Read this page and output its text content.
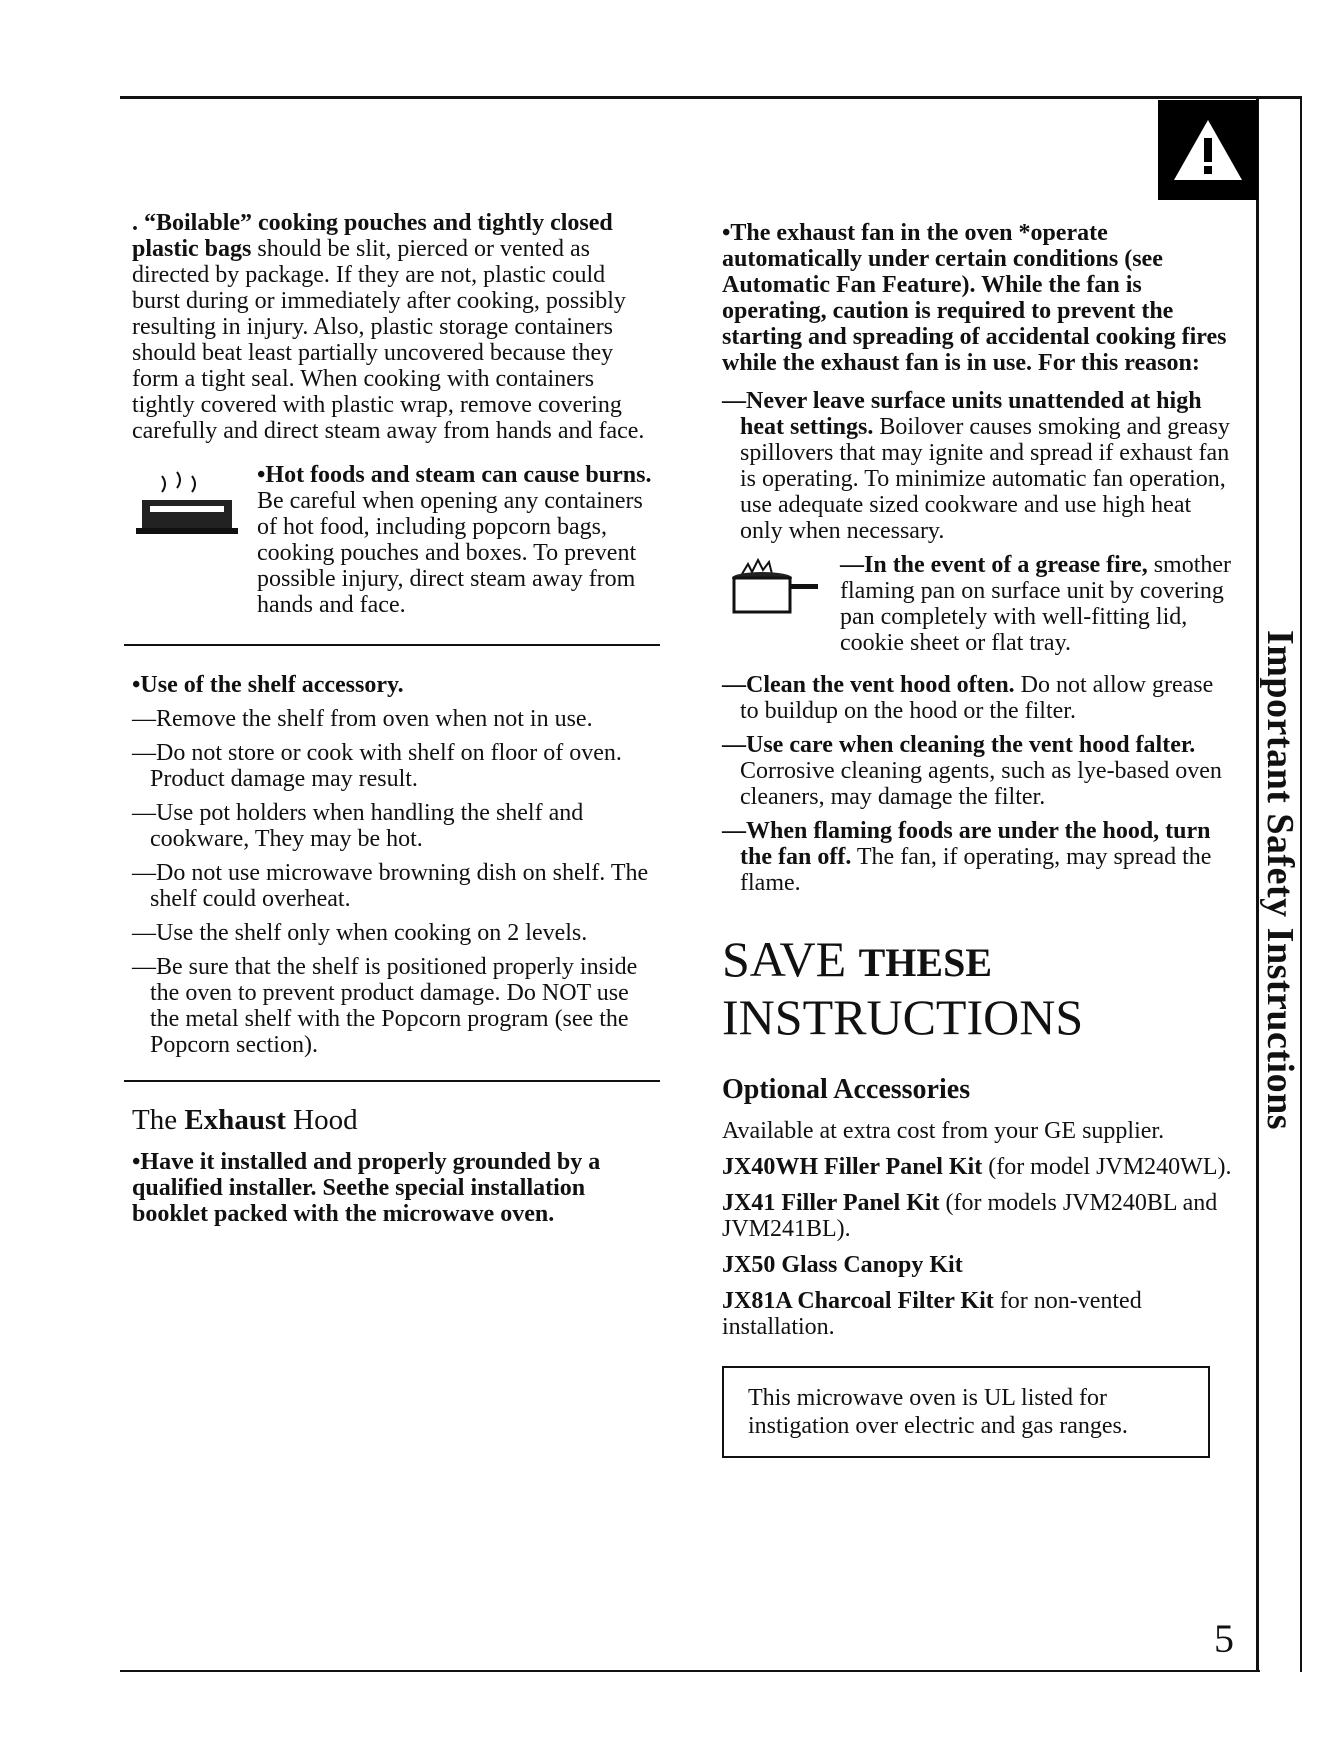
. “Boilable” cooking pouches and tightly closed plastic bags should be slit, pierced or vented as directed by package. If they are not, plastic could burst during or immediately after cooking, possibly resulting in injury. Also, plastic storage containers should beat least partially uncovered because they form a tight seal. When cooking with containers tightly covered with plastic wrap, remove covering carefully and direct steam away from hands and face.

•Hot foods and steam can cause burns. Be careful when opening any containers of hot food, including popcorn bags, cooking pouches and boxes. To prevent possible injury, direct steam away from hands and face.

•Use of the shelf accessory.

—Remove the shelf from oven when not in use.

—Do not store or cook with shelf on floor of oven. Product damage may result.

—Use pot holders when handling the shelf and cookware, They may be hot.

—Do not use microwave browning dish on shelf. The shelf could overheat.

—Use the shelf only when cooking on 2 levels.

—Be sure that the shelf is positioned properly inside the oven to prevent product damage. Do NOT use the metal shelf with the Popcorn program (see the Popcorn section).

The Exhaust Hood

•Have it installed and properly grounded by a qualified installer. Seethe special installation booklet packed with the microwave oven.

•The exhaust fan in the oven *operate automatically under certain conditions (see Automatic Fan Feature). While the fan is operating, caution is required to prevent the starting and spreading of accidental cooking fires while the exhaust fan is in use. For this reason:

—Never leave surface units unattended at high heat settings. Boilover causes smoking and greasy spillovers that may ignite and spread if exhaust fan is operating. To minimize automatic fan operation, use adequate sized cookware and use high heat only when necessary.

—In the event of a grease fire, smother flaming pan on surface unit by covering pan completely with well-fitting lid, cookie sheet or flat tray.

—Clean the vent hood often. Do not allow grease to buildup on the hood or the filter.

—Use care when cleaning the vent hood falter. Corrosive cleaning agents, such as lye-based oven cleaners, may damage the filter.

—When flaming foods are under the hood, turn the fan off. The fan, if operating, may spread the flame.

SAVE THESE

INSTRUCTIONS

Optional Accessories

Available at extra cost from your GE supplier.

JX40WH Filler Panel Kit (for model JVM240WL).

JX41 Filler Panel Kit (for models JVM240BL and JVM241BL).

JX50 Glass Canopy Kit

JX81A Charcoal Filter Kit for non-vented installation.

This microwave oven is UL listed for instigation over electric and gas ranges.
Important Safety Instructions
5
